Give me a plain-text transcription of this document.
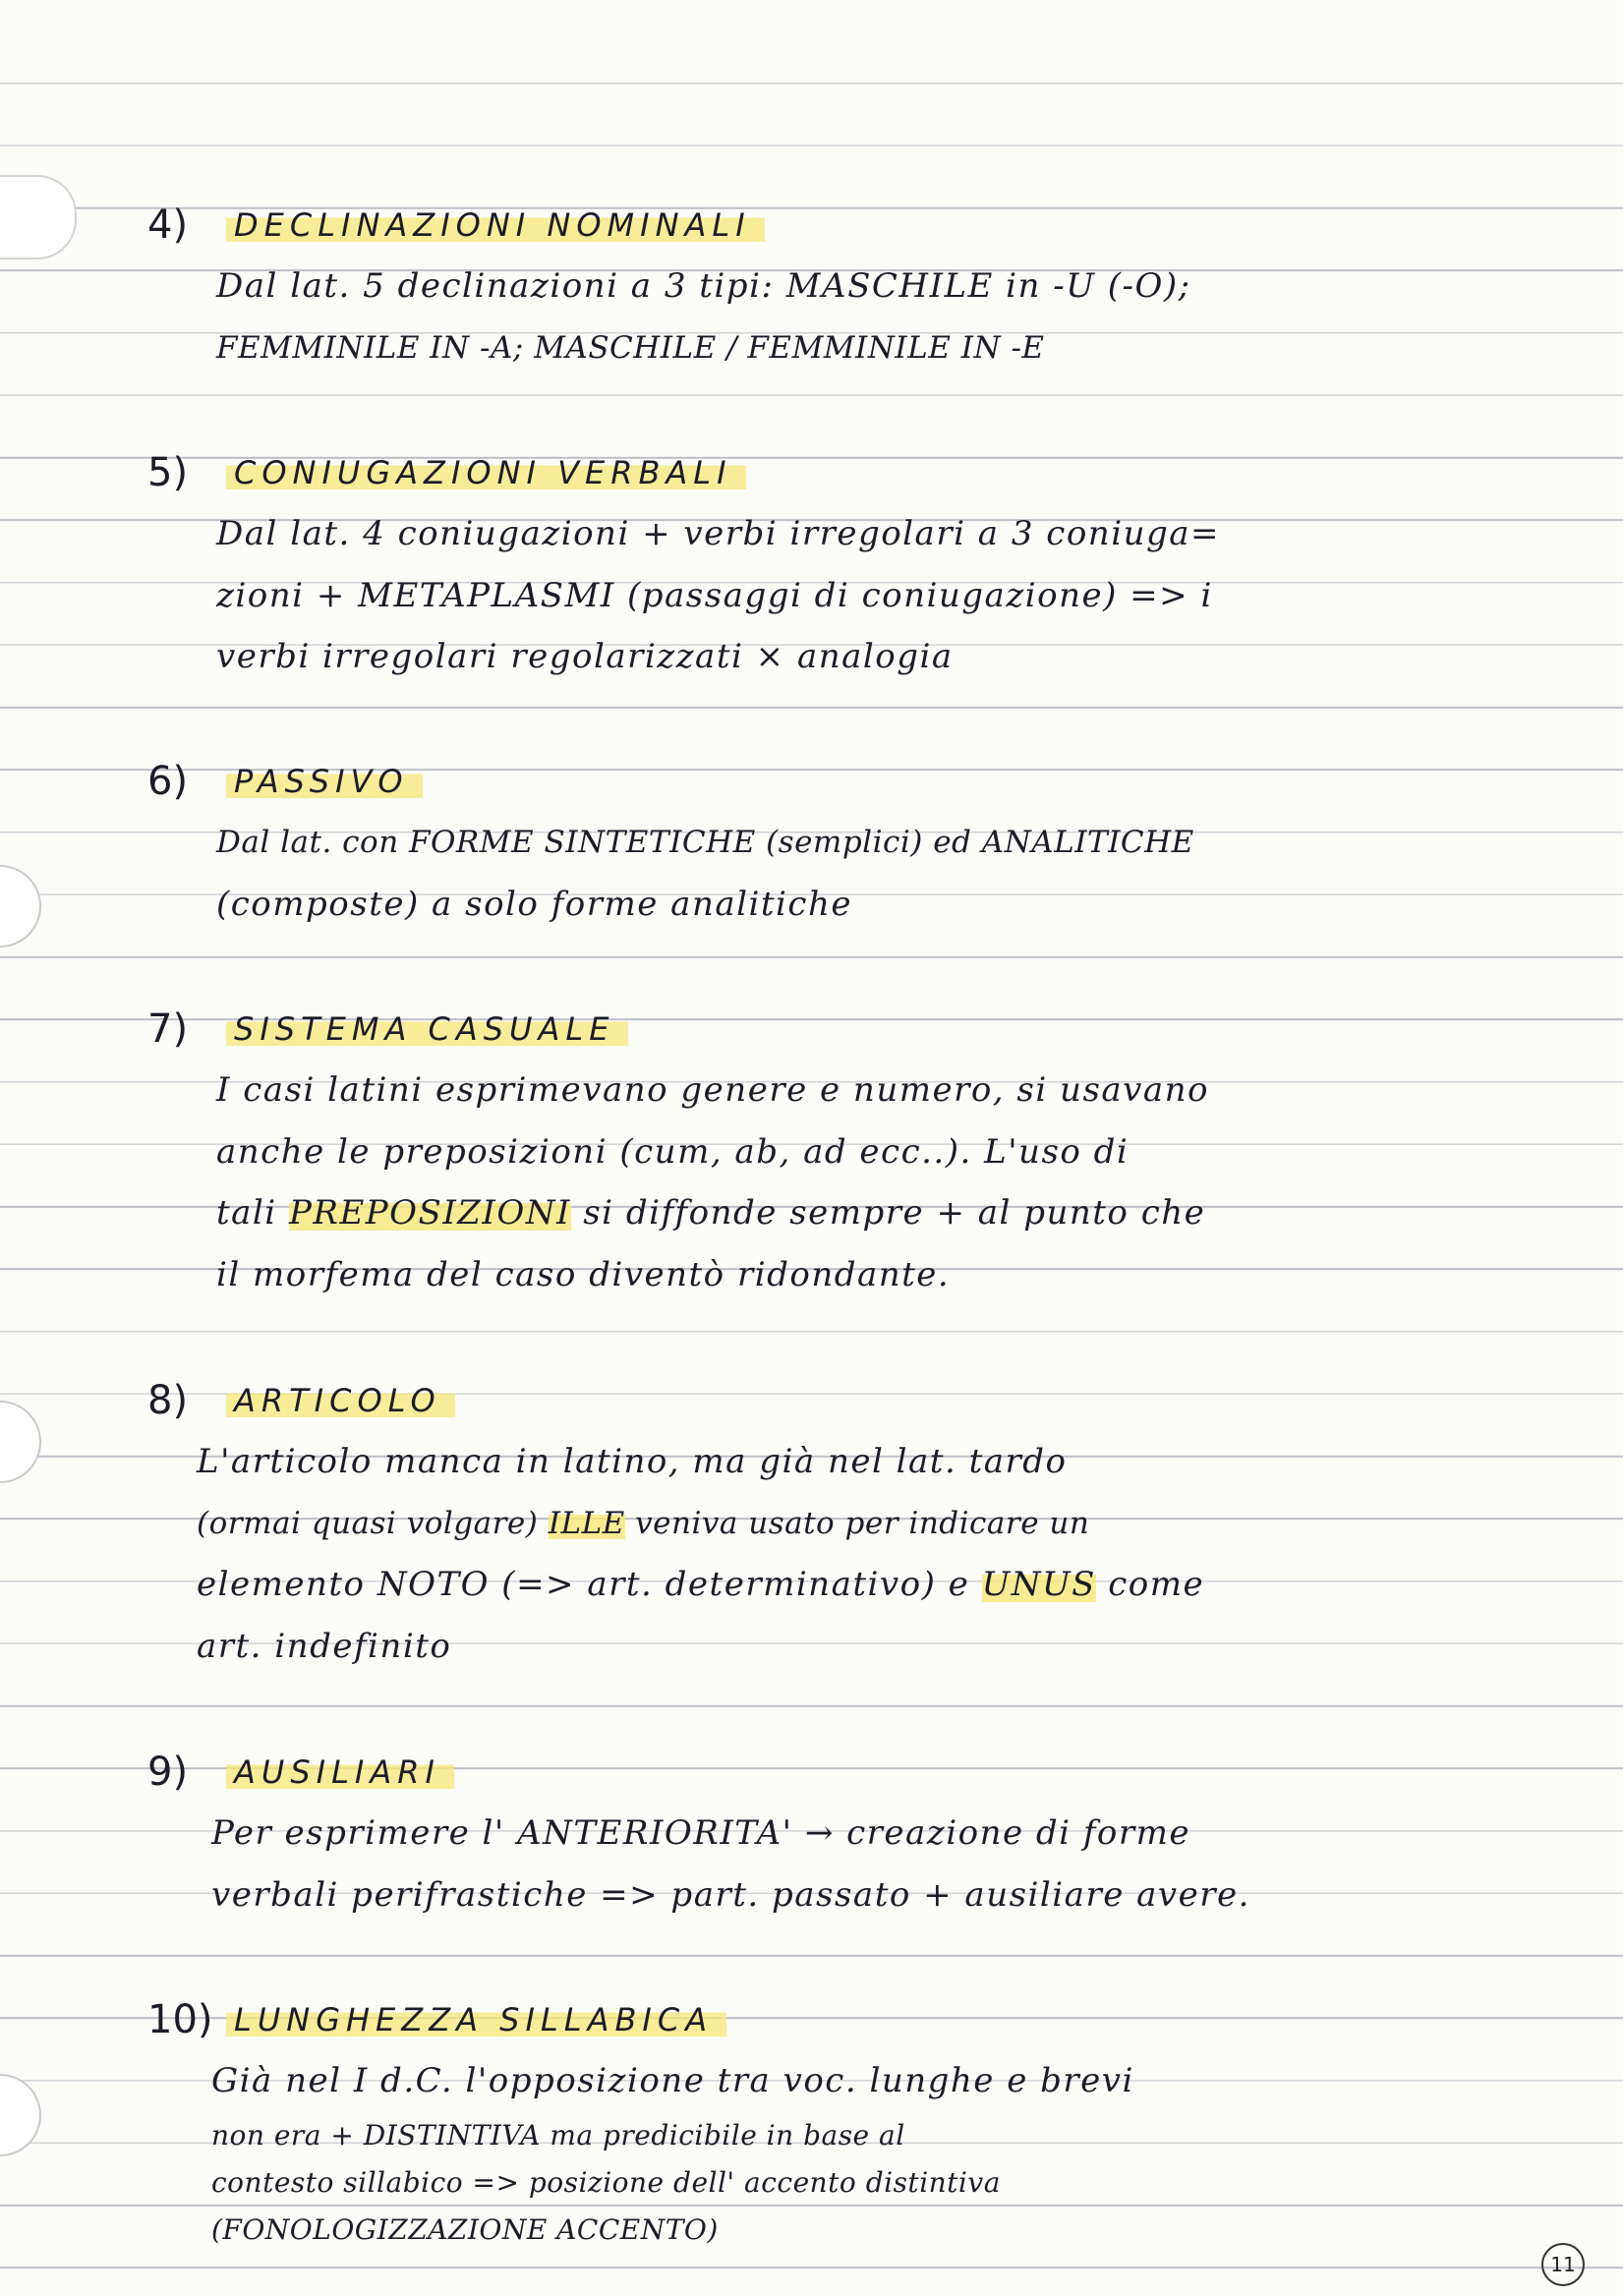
4)	DECLINAZIONI NOMINALI
Dal lat. 5 declinazioni a 3 tipi: MASCHILE in -U (-O);
FEMMINILE IN -A; MASCHILE / FEMMINILE IN -E
5)	CONIUGAZIONI VERBALI
Dal lat. 4 coniugazioni + verbi irregolari a 3 coniuga=
zioni + METAPLASMI (passaggi di coniugazione) => i
verbi irregolari regolarizzati × analogia
6)	PASSIVO
Dal lat. con FORME SINTETICHE (semplici) ed ANALITICHE
(composte) a solo forme analitiche
7)	SISTEMA CASUALE
I casi latini esprimevano genere e numero, si usavano
anche le preposizioni (cum, ab, ad ecc..). L'uso di
tali PREPOSIZIONI si diffonde sempre + al punto che
il morfema del caso diventò ridondante.
8)	ARTICOLO
L'articolo manca in latino, ma già nel lat. tardo
(ormai quasi volgare) ILLE veniva usato per indicare un
elemento NOTO (=> art. determinativo) e UNUS come
art. indefinito
9)	AUSILIARI
Per esprimere l' ANTERIORITA' → creazione di forme
verbali perifrastiche => part. passato + ausiliare avere.
10) LUNGHEZZA SILLABICA
Già nel I d.C. l'opposizione tra voc. lunghe e brevi
non era + DISTINTIVA ma predicibile in base al
contesto sillabico => posizione dell' accento distintiva
(FONOLOGIZZAZIONE ACCENTO)
11
